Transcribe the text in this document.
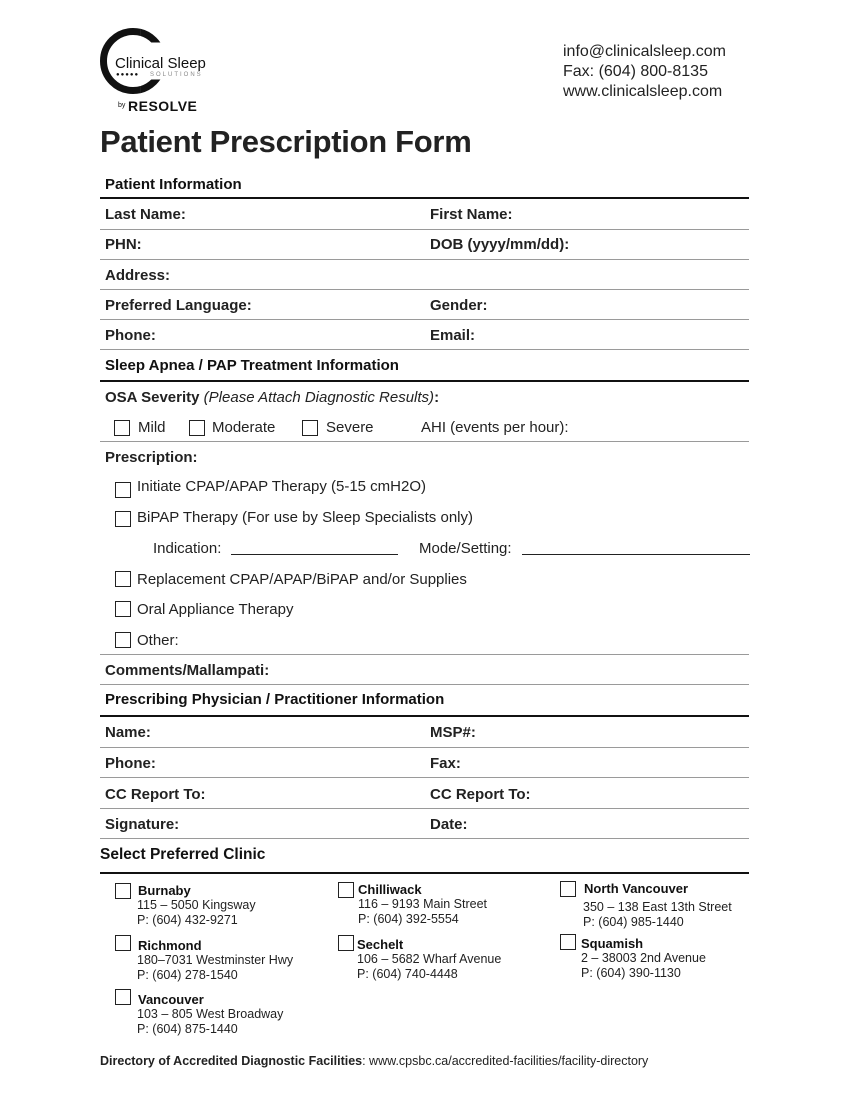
Clinical Sleep
●●●●● SOLUTIONS
by RESOLVE
info@clinicalsleep.com
Fax: (604) 800-8135
www.clinicalsleep.com
Patient Prescription Form
Patient Information
Last Name:	First Name:
PHN:	DOB (yyyy/mm/dd):
Address:
Preferred Language:	Gender:
Phone:	Email:
Sleep Apnea / PAP Treatment Information
OSA Severity (Please Attach Diagnostic Results):
Mild	Moderate	Severe	AHI (events per hour):
Prescription:
Initiate CPAP/APAP Therapy (5-15 cmH2O)
BiPAP Therapy (For use by Sleep Specialists only)
Indication:	Mode/Setting:
Replacement CPAP/APAP/BiPAP and/or Supplies
Oral Appliance Therapy
Other:
Comments/Mallampati:
Prescribing Physician / Practitioner Information
Name:	MSP#:
Phone:	Fax:
CC Report To:	CC Report To:
Signature:	Date:
Select Preferred Clinic
Burnaby
115 – 5050 Kingsway
P: (604) 432-9271
Chilliwack
116 – 9193 Main Street
P: (604) 392-5554
North Vancouver
350 – 138 East 13th Street
P: (604) 985-1440
Richmond
180–7031 Westminster Hwy
P: (604) 278-1540
Sechelt
106 – 5682 Wharf Avenue
P: (604) 740-4448
Squamish
2 – 38003 2nd Avenue
P: (604) 390-1130
Vancouver
103 – 805 West Broadway
P: (604) 875-1440
Directory of Accredited Diagnostic Facilities: www.cpsbc.ca/accredited-facilities/facility-directory
